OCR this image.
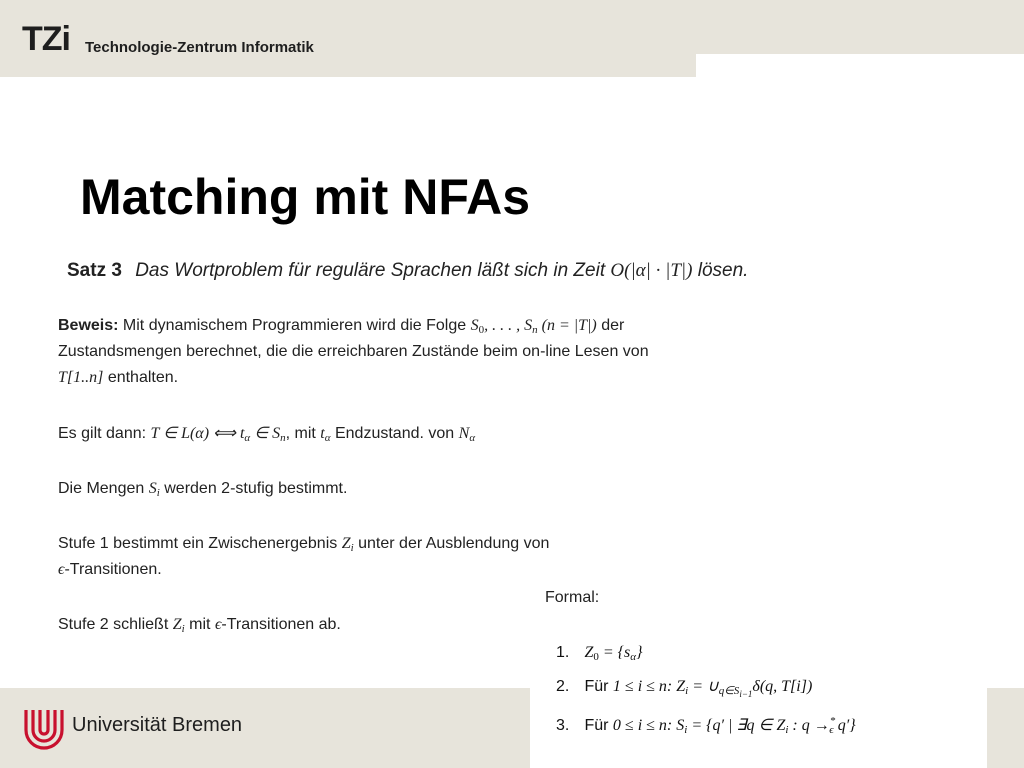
TZi Technologie-Zentrum Informatik
Matching mit NFAs
Satz 3 Das Wortproblem für reguläre Sprachen läßt sich in Zeit O(|α| · |T|) lösen.
Beweis: Mit dynamischem Programmieren wird die Folge $S_0$, . . . , $S_n$ (n = |T|) der
Zustandsmengen berechnet, die die erreichbaren Zustände beim on-line Lesen von
T[1..n] enthalten.
Es gilt dann: T ∈ L(α) ⟺ $t_\alpha$ ∈ $S_n$, mit $t_\alpha$ Endzustand. von $N_\alpha$
Die Mengen $S_i$ werden 2-stufig bestimmt.
Stufe 1 bestimmt ein Zwischenergebnis $Z_i$ unter der Ausblendung von
ϵ-Transitionen.
Formal:
Stufe 2 schließt $Z_i$ mit ϵ-Transitionen ab.
Universität Bremen
1. $Z_0 = \{s_\alpha\}$
2. Für 1 ≤ i ≤ n: $Z_i$ = $\cup_{q\in Si-1}\delta(q$, T[i])
3. Für 0 ≤ i ≤ n: $S_i = \{q'$ | ∃q ∈ $Z_i$ : $q \to^*_\epsilon$ q′}
